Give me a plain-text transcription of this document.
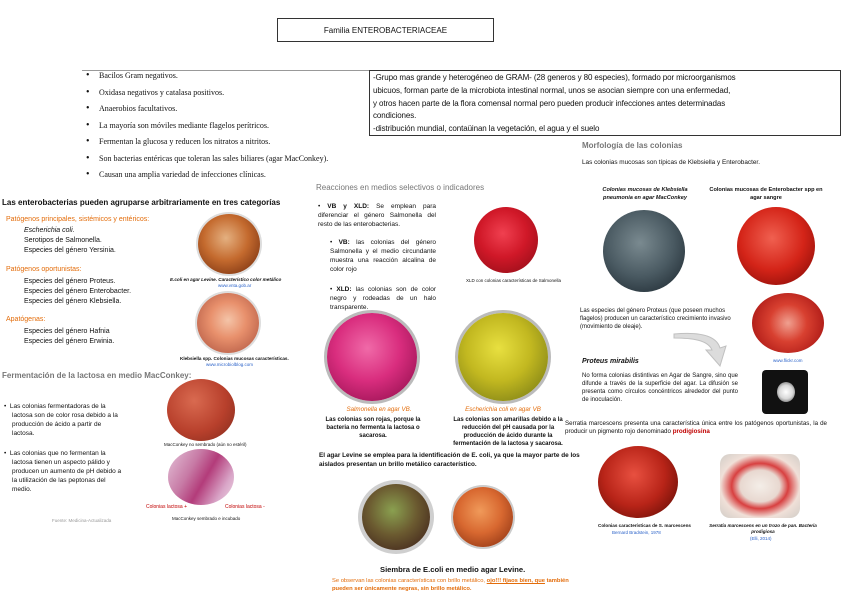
Familia ENTEROBACTERIACEAE
• Bacilos Gram negativos.
• Oxidasa negativos y catalasa positivos.
• Anaerobios facultativos.
• La mayoría son móviles mediante flagelos perítricos.
• Fermentan la glucosa y reducen los nitratos a nitritos.
• Son bacterias entéricas que toleran las sales biliares (agar MacConkey).
• Causan una amplia variedad de infecciones clínicas.
-Grupo mas grande y heterogéneo de GRAM- (28 generos y 80 especies), formado por microorganismos
ubicuos, forman parte de la microbiota intestinal normal, unos se asocian siempre con una enfermedad,
y otros hacen parte de la flora comensal normal pero pueden producir infecciones antes determinadas
condiciones.
-distribución mundial, contaüinan la vegetación, el agua y el suelo
Las enterobacterias pueden agruparse arbitrariamente en tres categorías
Patógenos principales, sistémicos y entéricos:
Escherichia coli.
Serotipos de Salmonella.
Especies del género Yersinia.
Patógenos oportunistas:
Especies del género Proteus.
Especies del género Enterobacter.
Especies del género Klebsiella.
Apatógenas:
Especies del género Hafnia
Especies del género Erwinia.
E.coli en agar Levine. Característico color metálico
www.vnta.gob.ar
Klebsiella spp. Colonias mucosas características.
www.microbiolblog.com
Fermentación de la lactosa en medio MacConkey:
•  Las colonias fermentadoras de la
lactosa son de color rosa debido a la
producción de ácido a partir de
lactosa.
•  Las colonias que no fermentan la
lactosa tienen un aspecto pálido y
producen un aumento de pH debido a
la utilización de las peptonas del
medio.
MacConkey no sembrado (aún no estéril)
Colonias lactosa +	Colonias lactosa -
MacConkey sembrado e incubado
Fuente: Medicina-Actualizada
Reacciones en medios selectivos o indicadores
• VB y XLD: Se emplean para diferenciar el género Salmonella del resto de las enterobacterias.
• VB: las colonias del género Salmonella y el medio circundante muestra una reacción alcalina de color rojo
• XLD: las colonias son de color negro y rodeadas de un halo transparente.
XLD con colonias características de Salmonella
Salmonella en agar VB.
Las colonias son rojas, porque la bacteria no fermenta la lactosa o sacarosa.
Escherichia coli en agar VB
Las colonias son amarillas debido a la reducción del pH causada por la producción de ácido durante la fermentación de la lactosa y sacarosa.
El agar Levine se emplea para la identificación de E. coli, ya que la mayor parte de los aislados presentan un brillo metálico característico.
Siembra de E.coli en medio agar Levine.
Se observan las colonias características con brillo metálico, ojo!!! fijaos bien, que también pueden ser únicamente negras, sin brillo metálico.
Morfología de las colonias
Las colonias mucosas son típicas de Klebsiella y Enterobacter.
Colonias mucosas de Klebsiella pneumonia en agar MacConkey
Colonias mucosas de Enterobacter spp en agar sangre
Las especies del género Proteus (que poseen muchos flagelos) producen un característico crecimiento invasivo (movimiento de oleaje).
www.flickr.com
Proteus mirabilis
No forma colonias distintivas en Agar de Sangre, sino que difunde a través de la superficie del agar. La difusión se presenta como círculos concéntricos alrededor del punto de inoculación.
Serratia marcescens presenta una característica única entre los patógenos oportunistas, la de producir un pigmento rojo denominado prodigiosina
Colonias características de S. marcescens
Bernard Bradstein, 1978
Serratia marcescens en un trozo de pan. Bacteria prodigiosa
(Elli, 2014)
